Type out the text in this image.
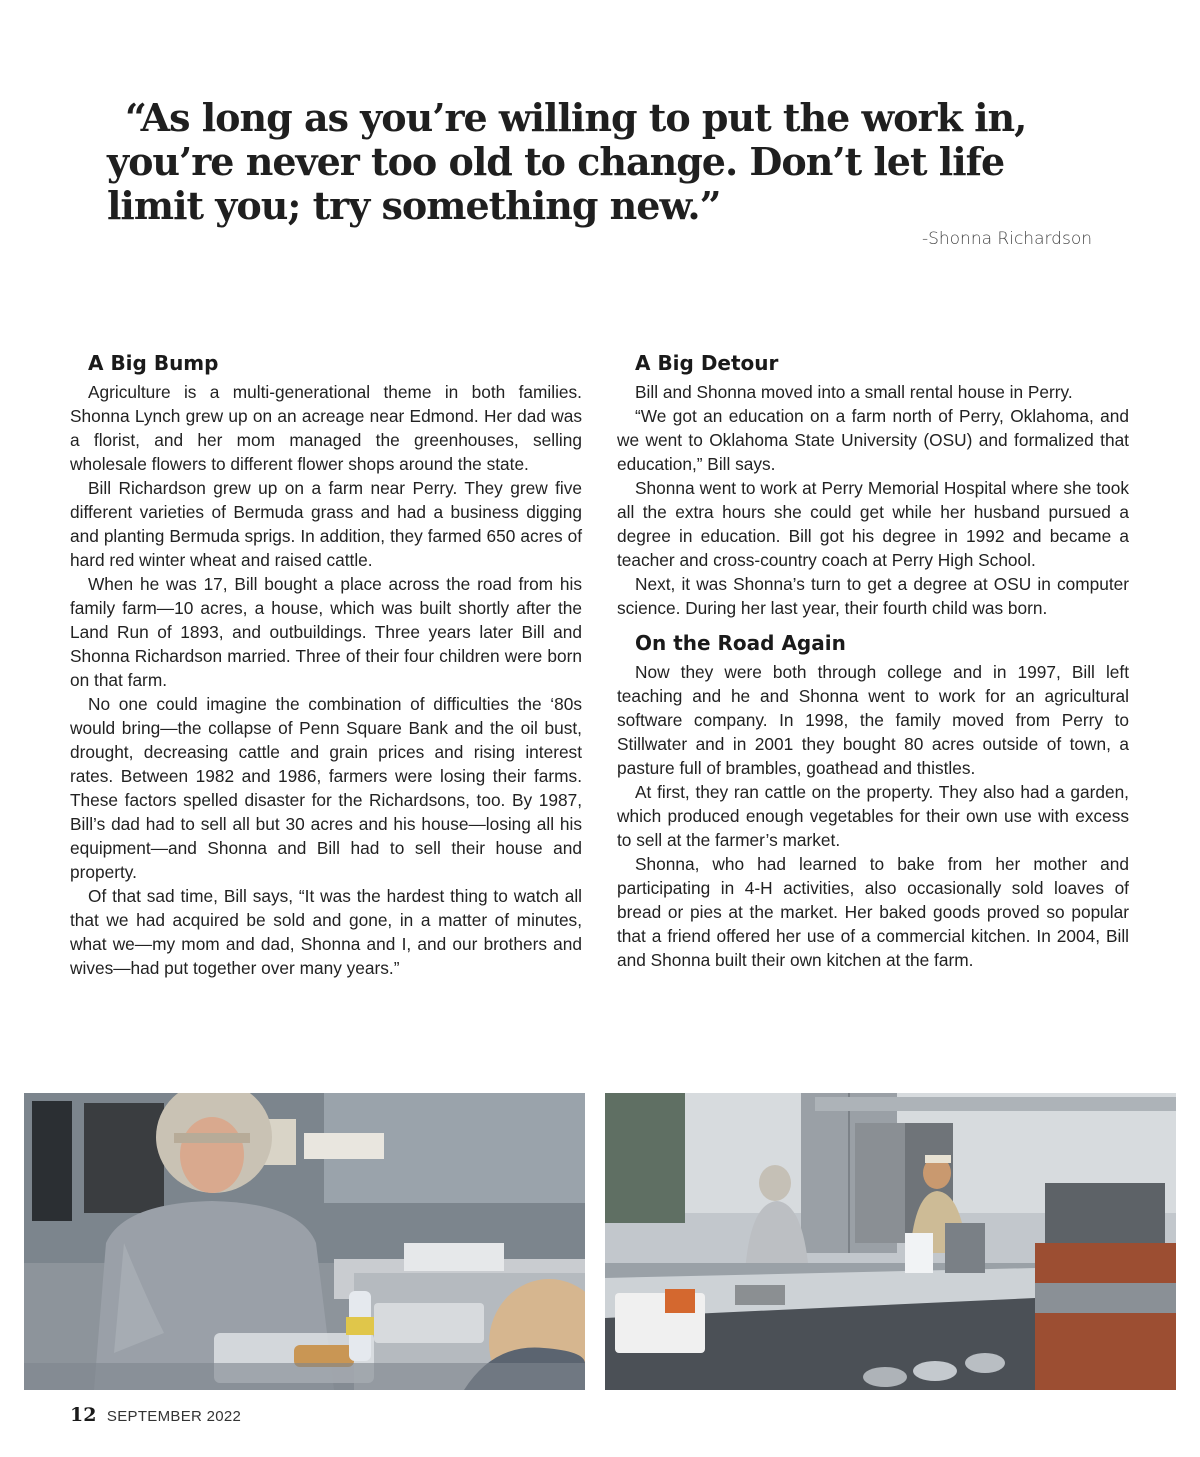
“As long as you’re willing to put the work in, you’re never too old to change. Don’t let life limit you; try something new.”

-Shonna Richardson

A Big Bump

Agriculture is a multi-generational theme in both families. Shonna Lynch grew up on an acreage near Edmond. Her dad was a florist, and her mom managed the greenhouses, selling wholesale flowers to different flower shops around the state.

Bill Richardson grew up on a farm near Perry. They grew five different varieties of Bermuda grass and had a business digging and planting Bermuda sprigs. In addition, they farmed 650 acres of hard red winter wheat and raised cattle.

When he was 17, Bill bought a place across the road from his family farm—10 acres, a house, which was built shortly after the Land Run of 1893, and outbuildings. Three years later Bill and Shonna Richardson married. Three of their four children were born on that farm.

No one could imagine the combination of difficulties the ‘80s would bring—the collapse of Penn Square Bank and the oil bust, drought, decreasing cattle and grain prices and rising interest rates. Between 1982 and 1986, farmers were losing their farms. These factors spelled disaster for the Richardsons, too. By 1987, Bill’s dad had to sell all but 30 acres and his house—losing all his equipment—and Shonna and Bill had to sell their house and property.

Of that sad time, Bill says, “It was the hardest thing to watch all that we had acquired be sold and gone, in a matter of minutes, what we—my mom and dad, Shonna and I, and our brothers and wives—had put together over many years.”

A Big Detour

Bill and Shonna moved into a small rental house in Perry.

“We got an education on a farm north of Perry, Oklahoma, and we went to Oklahoma State University (OSU) and formalized that education,” Bill says.

Shonna went to work at Perry Memorial Hospital where she took all the extra hours she could get while her husband pursued a degree in education. Bill got his degree in 1992 and became a teacher and cross-country coach at Perry High School.

Next, it was Shonna’s turn to get a degree at OSU in computer science. During her last year, their fourth child was born.

On the Road Again

Now they were both through college and in 1997, Bill left teaching and he and Shonna went to work for an agricultural software company. In 1998, the family moved from Perry to Stillwater and in 2001 they bought 80 acres outside of town, a pasture full of brambles, goathead and thistles.

At first, they ran cattle on the property. They also had a garden, which produced enough vegetables for their own use with excess to sell at the farmer’s market.

Shonna, who had learned to bake from her mother and participating in 4-H activities, also occasionally sold loaves of bread or pies at the market. Her baked goods proved so popular that a friend offered her use of a commercial kitchen. In 2004, Bill and Shonna built their own kitchen at the farm.

12 SEPTEMBER 2022
